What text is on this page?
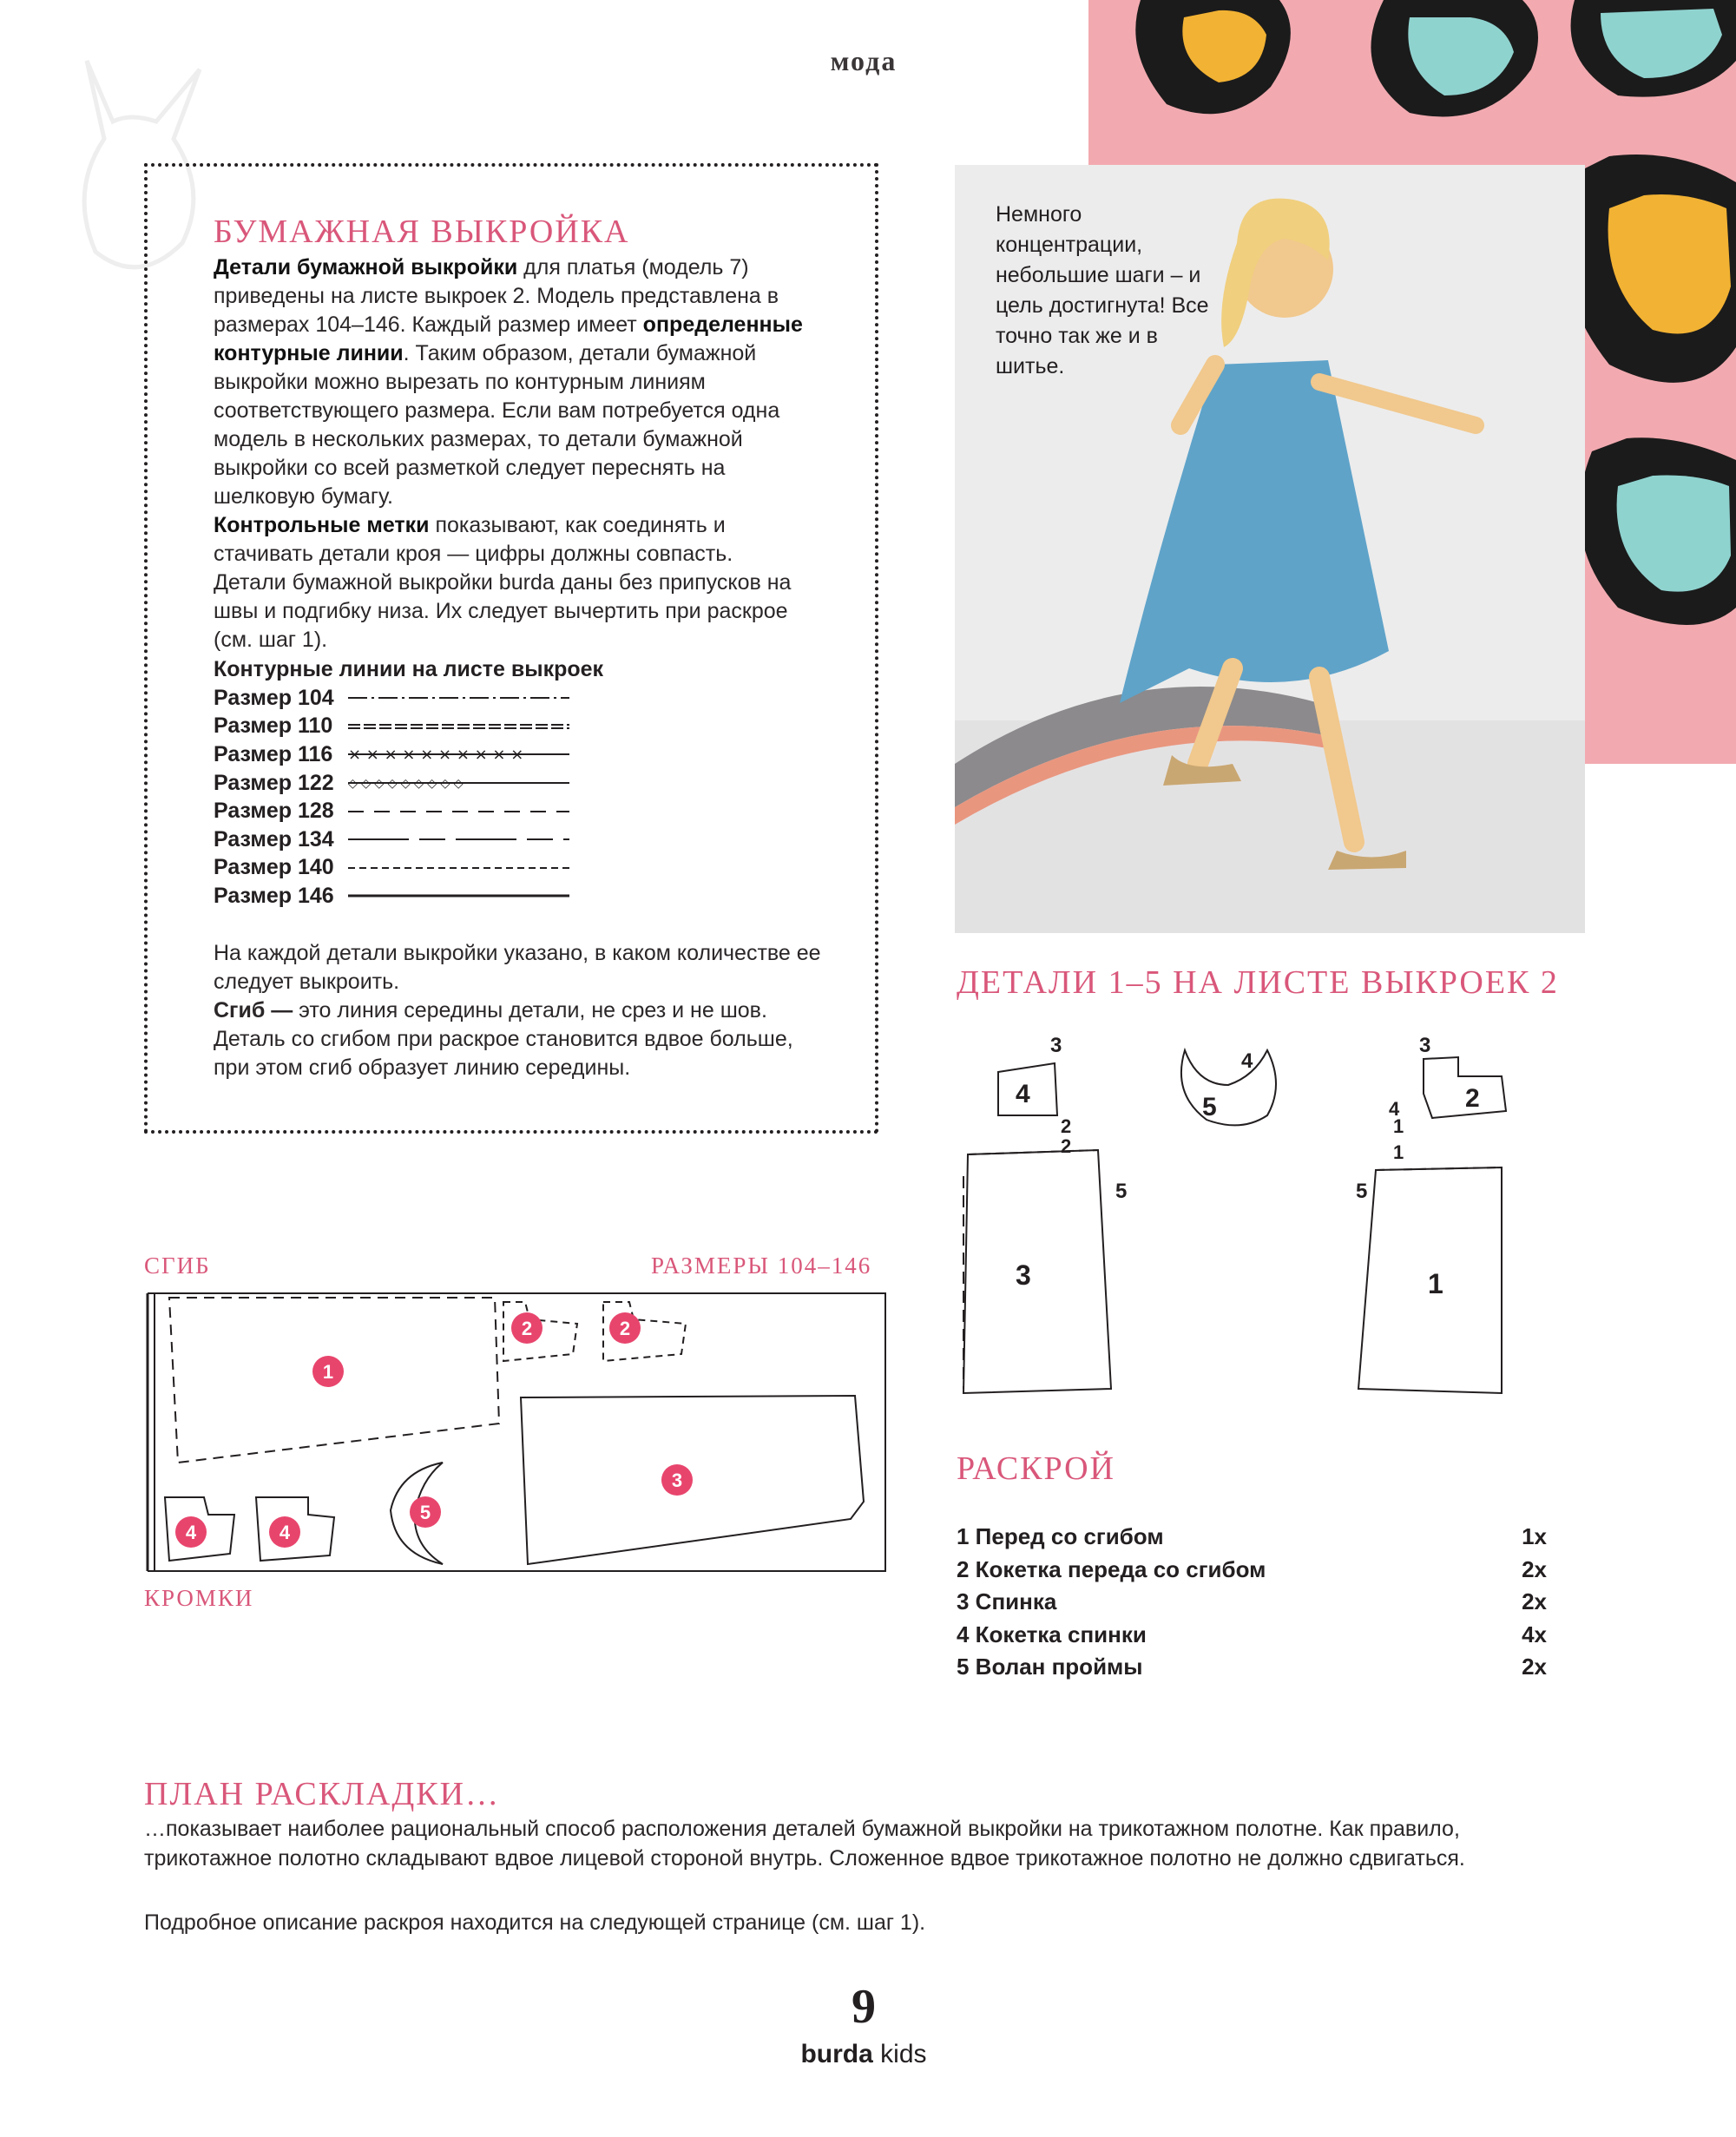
мода
Немного концентрации, небольшие шаги – и цель достигнута! Все точно так же и в шитье.
БУМАЖНАЯ ВЫКРОЙКА

Детали бумажной выкройки для платья (модель 7) приведены на листе выкроек 2. Модель представлена в размерах 104–146. Каждый размер имеет определенные контурные линии. Таким образом, детали бумажной выкройки можно вырезать по контурным линиям соответствующего размера. Если вам потребуется одна модель в нескольких размерах, то детали бумажной выкройки со всей разметкой следует переснять на шелковую бумагу.

Контрольные метки показывают, как соединять и стачивать детали кроя — цифры должны совпасть.

Детали бумажной выкройки burda даны без припусков на швы и подгибку низа. Их следует вычертить при раскрое (см. шаг 1).

Контурные линии на листе выкроек
Размер 104
Размер 110
Размер 116 × × × × × × × × × ×
Размер 122	◇ ◇ ◇ ◇ ◇ ◇ ◇ ◇ ◇
Размер 128
Размер 134
Размер 140
Размер 146

На каждой детали выкройки указано, в каком количестве ее следует выкроить.

Сгиб — это линия середины детали, не срез и не шов. Деталь со сгибом при раскрое становится вдвое больше, при этом сгиб образует линию середины.

ДЕТАЛИ 1–5 НА ЛИСТЕ ВЫКРОЕК 2
4
3
2
2
5
3
5
4
3
2
4
1
1
5
1
РАСКРОЙ
1 Перед со сгибом	1x
2 Кокетка переда со сгибом	2x
3 Спинка	2x
4 Кокетка спинки	4x
5 Волан проймы	2x
СГИБ	РАЗМЕРЫ 104–146
КРОМКИ
1
2	2
3
4	4
5
ПЛАН РАСКЛАДКИ…

…показывает наиболее рациональный способ расположения деталей бумажной выкройки на трикотажном полотне. Как правило, трикотажное полотно складывают вдвое лицевой стороной внутрь. Сложенное вдвое трикотажное полотно не должно сдвигаться.

Подробное описание раскроя находится на следующей странице (см. шаг 1).

9
burda kids
